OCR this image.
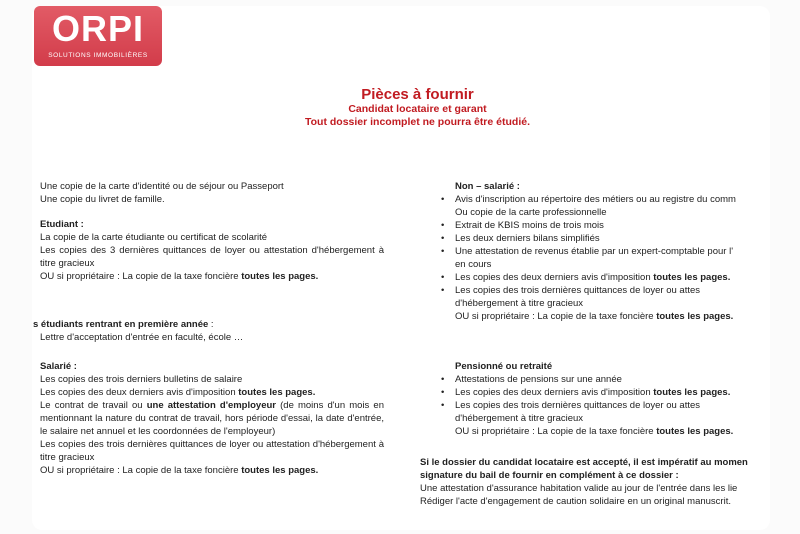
ORPI
SOLUTIONS IMMOBILIÈRES
Pièces à fournir
Candidat locataire et garant
Tout dossier incomplet ne pourra être étudié.

Une copie de la carte d'identité ou de séjour ou Passeport

Une copie du livret de famille.

Etudiant :

La copie de la carte étudiante ou certificat de scolarité

Les copies des 3 dernières quittances de loyer ou attestation d'hébergement à titre gracieux

OU si propriétaire : La copie de la taxe foncière toutes les pages.

s étudiants rentrant en première année :

Lettre d'acceptation d'entrée en faculté, école …

Salarié :

Les copies des trois derniers bulletins de salaire

Les copies des deux derniers avis d'imposition toutes les pages.

Le contrat de travail ou une attestation d'employeur (de moins d'un mois en mentionnant la nature du contrat de travail, hors période d'essai, la date d'entrée, le salaire net annuel et les coordonnées de l'employeur)

Les copies des trois dernières quittances de loyer ou attestation d'hébergement à titre gracieux

OU si propriétaire : La copie de la taxe foncière toutes les pages.

Non – salarié :

• Avis d'inscription au répertoire des métiers ou au registre du comm
Ou copie de la carte professionnelle
• Extrait de KBIS moins de trois mois
• Les deux derniers bilans simplifiés
• Une attestation de revenus établie par un expert-comptable pour l'
en cours
• Les copies des deux derniers avis d'imposition toutes les pages.
• Les copies des trois dernières quittances de loyer ou attes
d'hébergement à titre gracieux

OU si propriétaire : La copie de la taxe foncière toutes les pages.

Pensionné ou retraité

• Attestations de pensions sur une année
• Les copies des deux derniers avis d'imposition toutes les pages.
• Les copies des trois dernières quittances de loyer ou attes
d'hébergement à titre gracieux

OU si propriétaire : La copie de la taxe foncière toutes les pages.

Si le dossier du candidat locataire est accepté, il est impératif au momen

signature du bail de fournir en complément à ce dossier :

Une attestation d'assurance habitation valide au jour de l'entrée dans les lie

Rédiger l'acte d'engagement de caution solidaire en un original manuscrit.
